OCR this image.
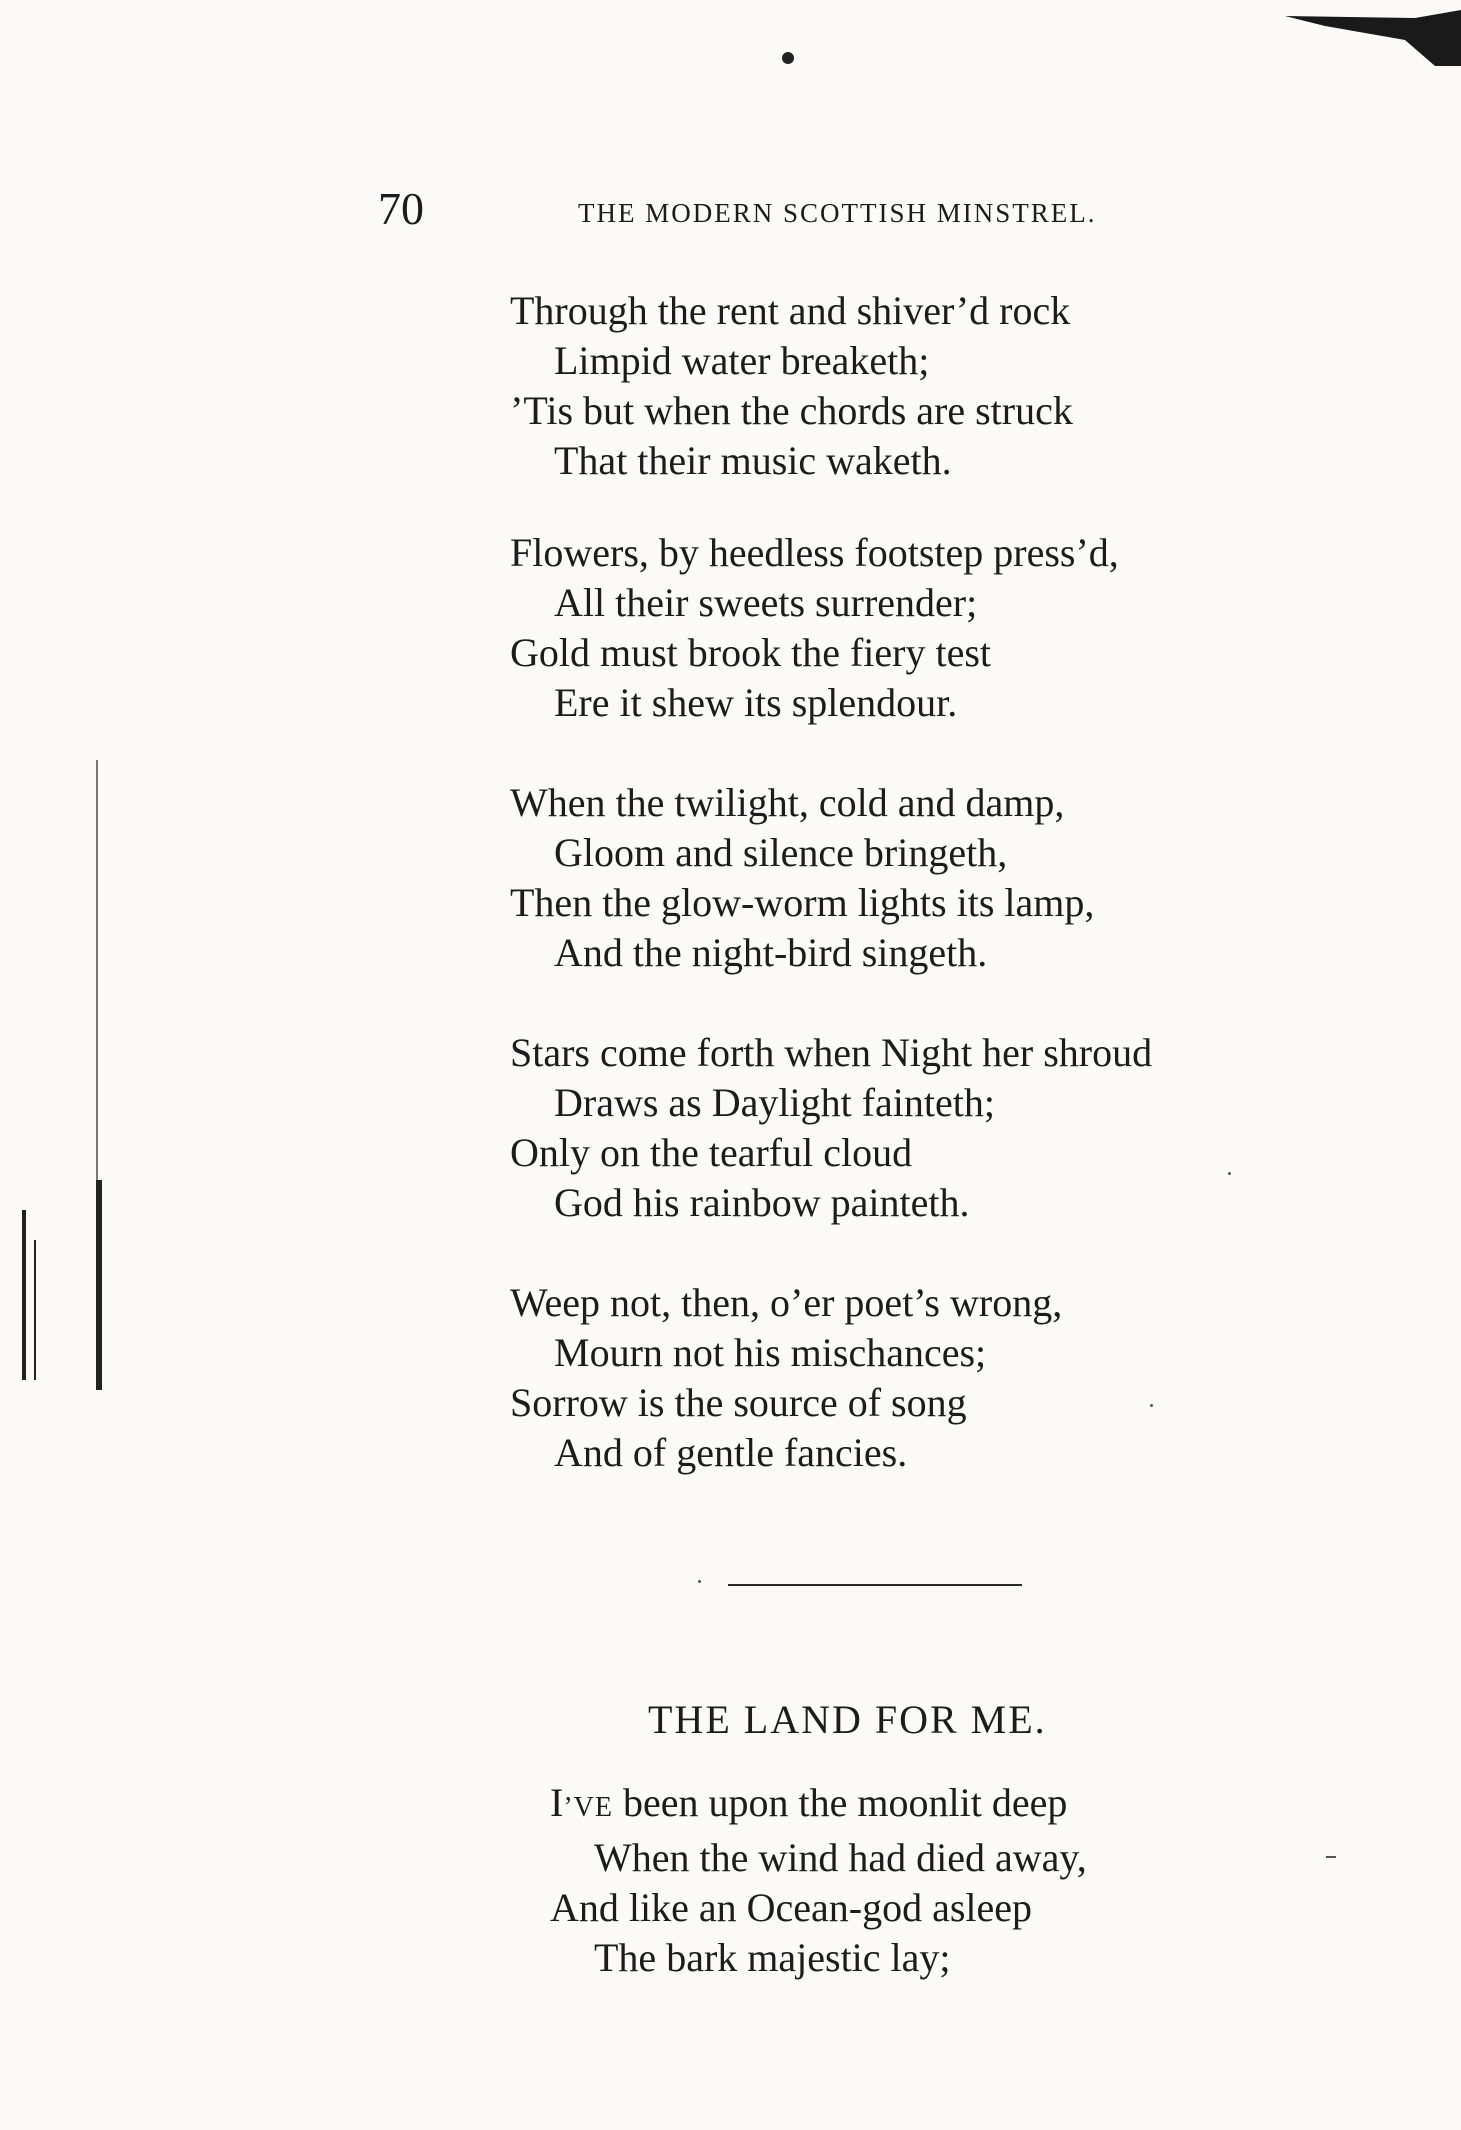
70	THE MODERN SCOTTISH MINSTREL.
Through the rent and shiver’d rock
Limpid water breaketh;
’Tis but when the chords are struck
That their music waketh.
Flowers, by heedless footstep press’d,
All their sweets surrender;
Gold must brook the fiery test
Ere it shew its splendour.
When the twilight, cold and damp,
Gloom and silence bringeth,
Then the glow-worm lights its lamp,
And the night-bird singeth.
Stars come forth when Night her shroud
Draws as Daylight fainteth;
Only on the tearful cloud
God his rainbow painteth.
Weep not, then, o’er poet’s wrong,
Mourn not his mischances;
Sorrow is the source of song
And of gentle fancies.
THE LAND FOR ME.
I’VE been upon the moonlit deep
When the wind had died away,
And like an Ocean-god asleep
The bark majestic lay;
